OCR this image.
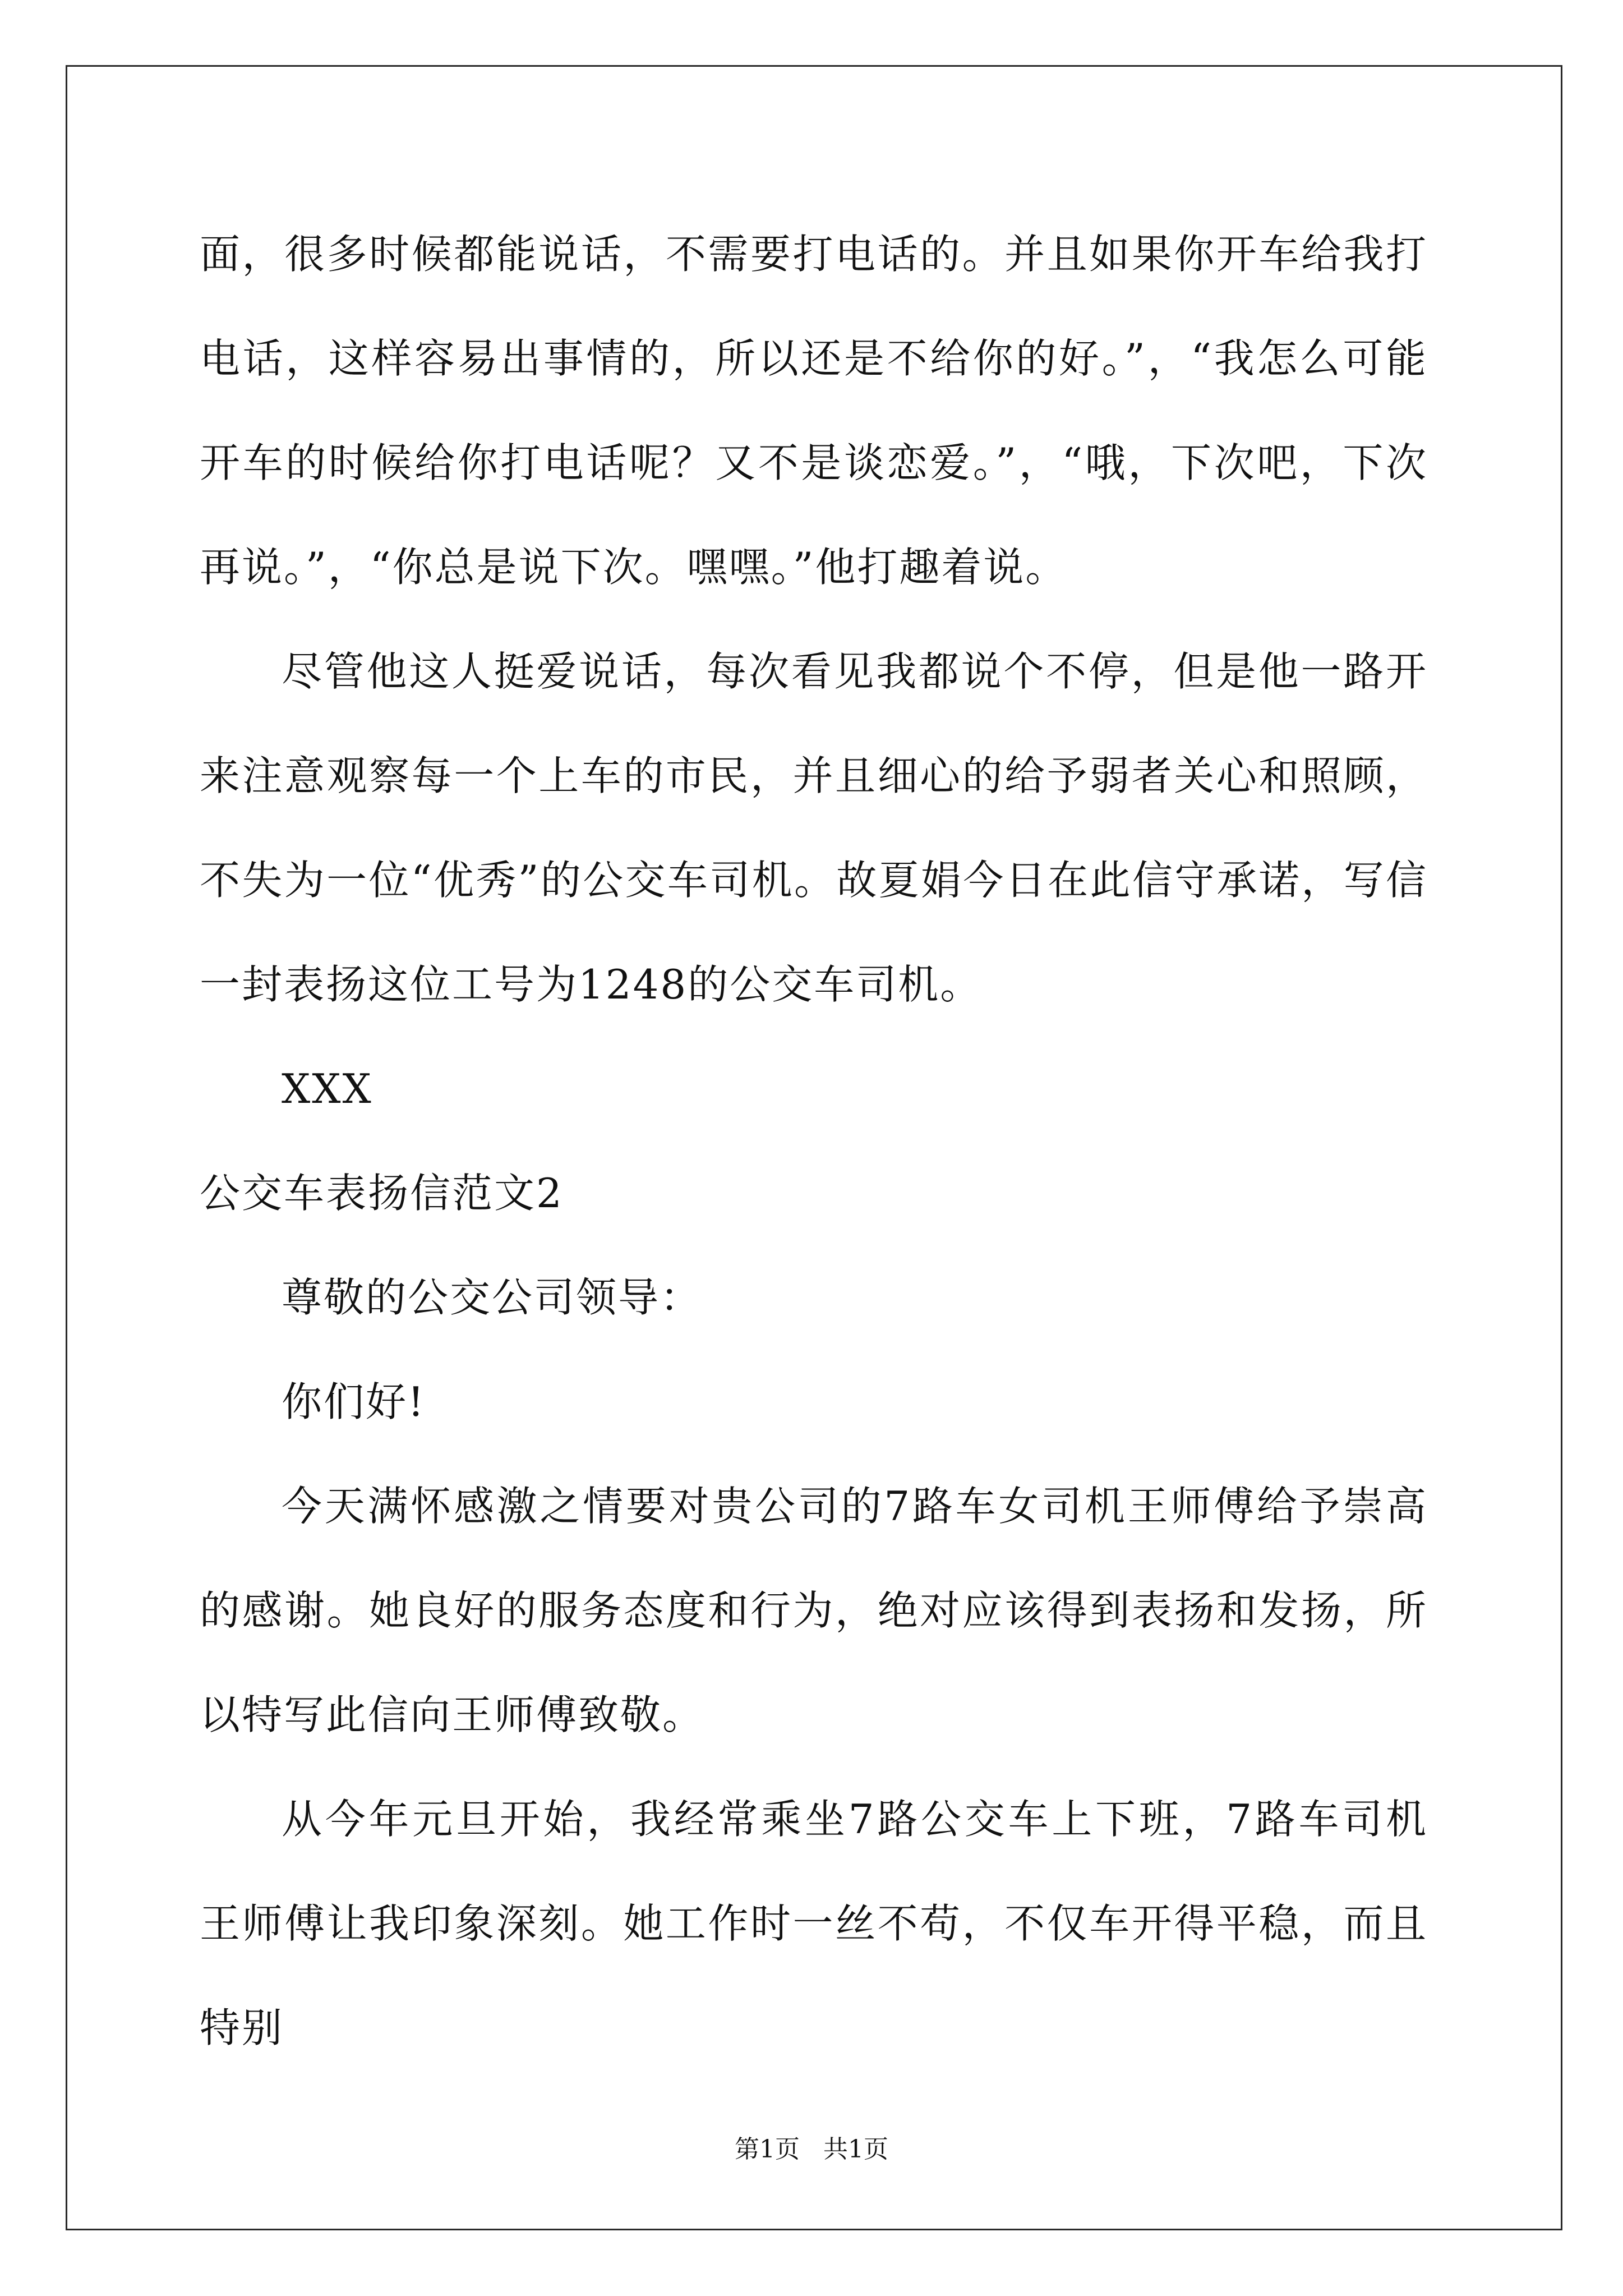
面，很多时候都能说话，不需要打电话的。并且如果你开车给我打电话，这样容易出事情的，所以还是不给你的好。”，“我怎么可能开车的时候给你打电话呢？又不是谈恋爱。”，“哦，下次吧，下次再说。”，“你总是说下次。嘿嘿。”他打趣着说。

尽管他这人挺爱说话，每次看见我都说个不停，但是他一路开来注意观察每一个上车的市民，并且细心的给予弱者关心和照顾，不失为一位“优秀”的公交车司机。故夏娟今日在此信守承诺，写信一封表扬这位工号为1248的公交车司机。

XXX

公交车表扬信范文2

尊敬的公交公司领导：

你们好!

今天满怀感激之情要对贵公司的7路车女司机王师傅给予崇高的感谢。她良好的服务态度和行为，绝对应该得到表扬和发扬，所以特写此信向王师傅致敬。

从今年元旦开始，我经常乘坐7路公交车上下班，7路车司机王师傅让我印象深刻。她工作时一丝不苟，不仅车开得平稳，而且特别

第1页 共1页
